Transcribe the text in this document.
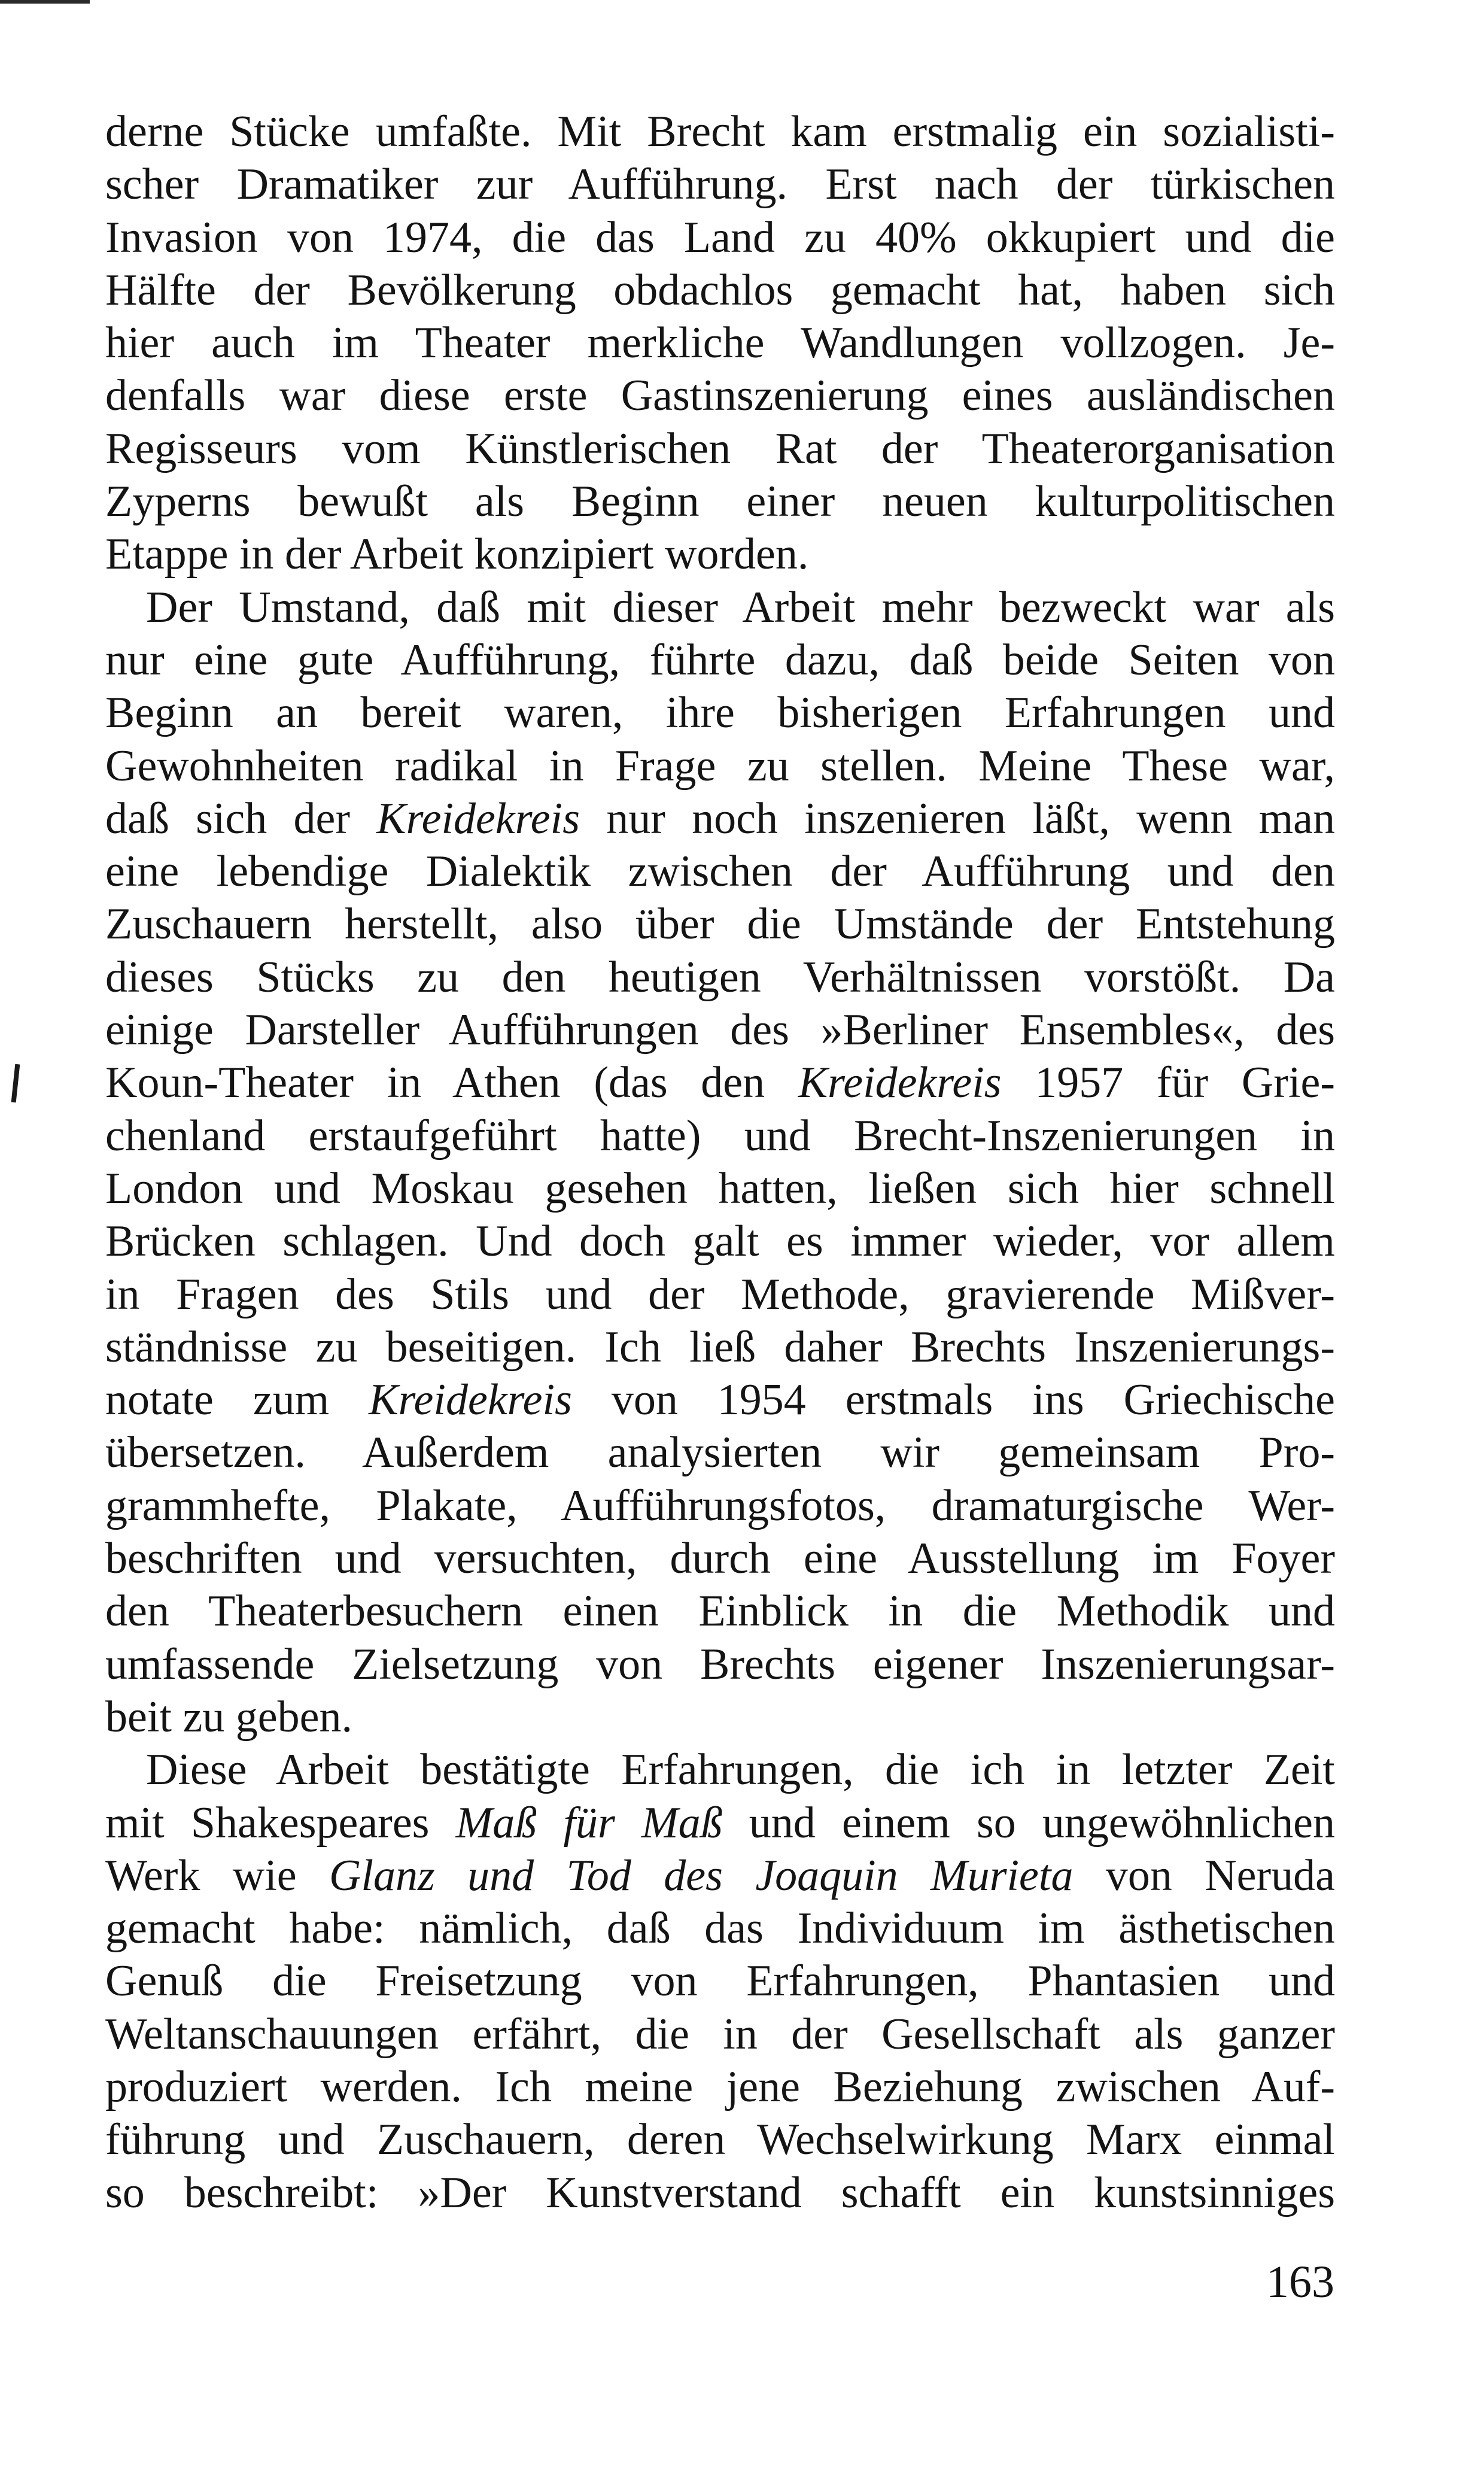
derne Stücke umfaßte. Mit Brecht kam erstmalig ein sozialisti-
scher Dramatiker zur Aufführung. Erst nach der türkischen
Invasion von 1974, die das Land zu 40% okkupiert und die
Hälfte der Bevölkerung obdachlos gemacht hat, haben sich
hier auch im Theater merkliche Wandlungen vollzogen. Je-
denfalls war diese erste Gastinszenierung eines ausländischen
Regisseurs vom Künstlerischen Rat der Theaterorganisation
Zyperns bewußt als Beginn einer neuen kulturpolitischen
Etappe in der Arbeit konzipiert worden.
Der Umstand, daß mit dieser Arbeit mehr bezweckt war als
nur eine gute Aufführung, führte dazu, daß beide Seiten von
Beginn an bereit waren, ihre bisherigen Erfahrungen und
Gewohnheiten radikal in Frage zu stellen. Meine These war,
daß sich der Kreidekreis nur noch inszenieren läßt, wenn man
eine lebendige Dialektik zwischen der Aufführung und den
Zuschauern herstellt, also über die Umstände der Entstehung
dieses Stücks zu den heutigen Verhältnissen vorstößt. Da
einige Darsteller Aufführungen des »Berliner Ensembles«, des
Koun-Theater in Athen (das den Kreidekreis 1957 für Grie-
chenland erstaufgeführt hatte) und Brecht-Inszenierungen in
London und Moskau gesehen hatten, ließen sich hier schnell
Brücken schlagen. Und doch galt es immer wieder, vor allem
in Fragen des Stils und der Methode, gravierende Mißver-
ständnisse zu beseitigen. Ich ließ daher Brechts Inszenierungs-
notate zum Kreidekreis von 1954 erstmals ins Griechische
übersetzen. Außerdem analysierten wir gemeinsam Pro-
grammhefte, Plakate, Aufführungsfotos, dramaturgische Wer-
beschriften und versuchten, durch eine Ausstellung im Foyer
den Theaterbesuchern einen Einblick in die Methodik und
umfassende Zielsetzung von Brechts eigener Inszenierungsar-
beit zu geben.
Diese Arbeit bestätigte Erfahrungen, die ich in letzter Zeit
mit Shakespeares Maß für Maß und einem so ungewöhnlichen
Werk wie Glanz und Tod des Joaquin Murieta von Neruda
gemacht habe: nämlich, daß das Individuum im ästhetischen
Genuß die Freisetzung von Erfahrungen, Phantasien und
Weltanschauungen erfährt, die in der Gesellschaft als ganzer
produziert werden. Ich meine jene Beziehung zwischen Auf-
führung und Zuschauern, deren Wechselwirkung Marx einmal
so beschreibt: »Der Kunstverstand schafft ein kunstsinniges
163
